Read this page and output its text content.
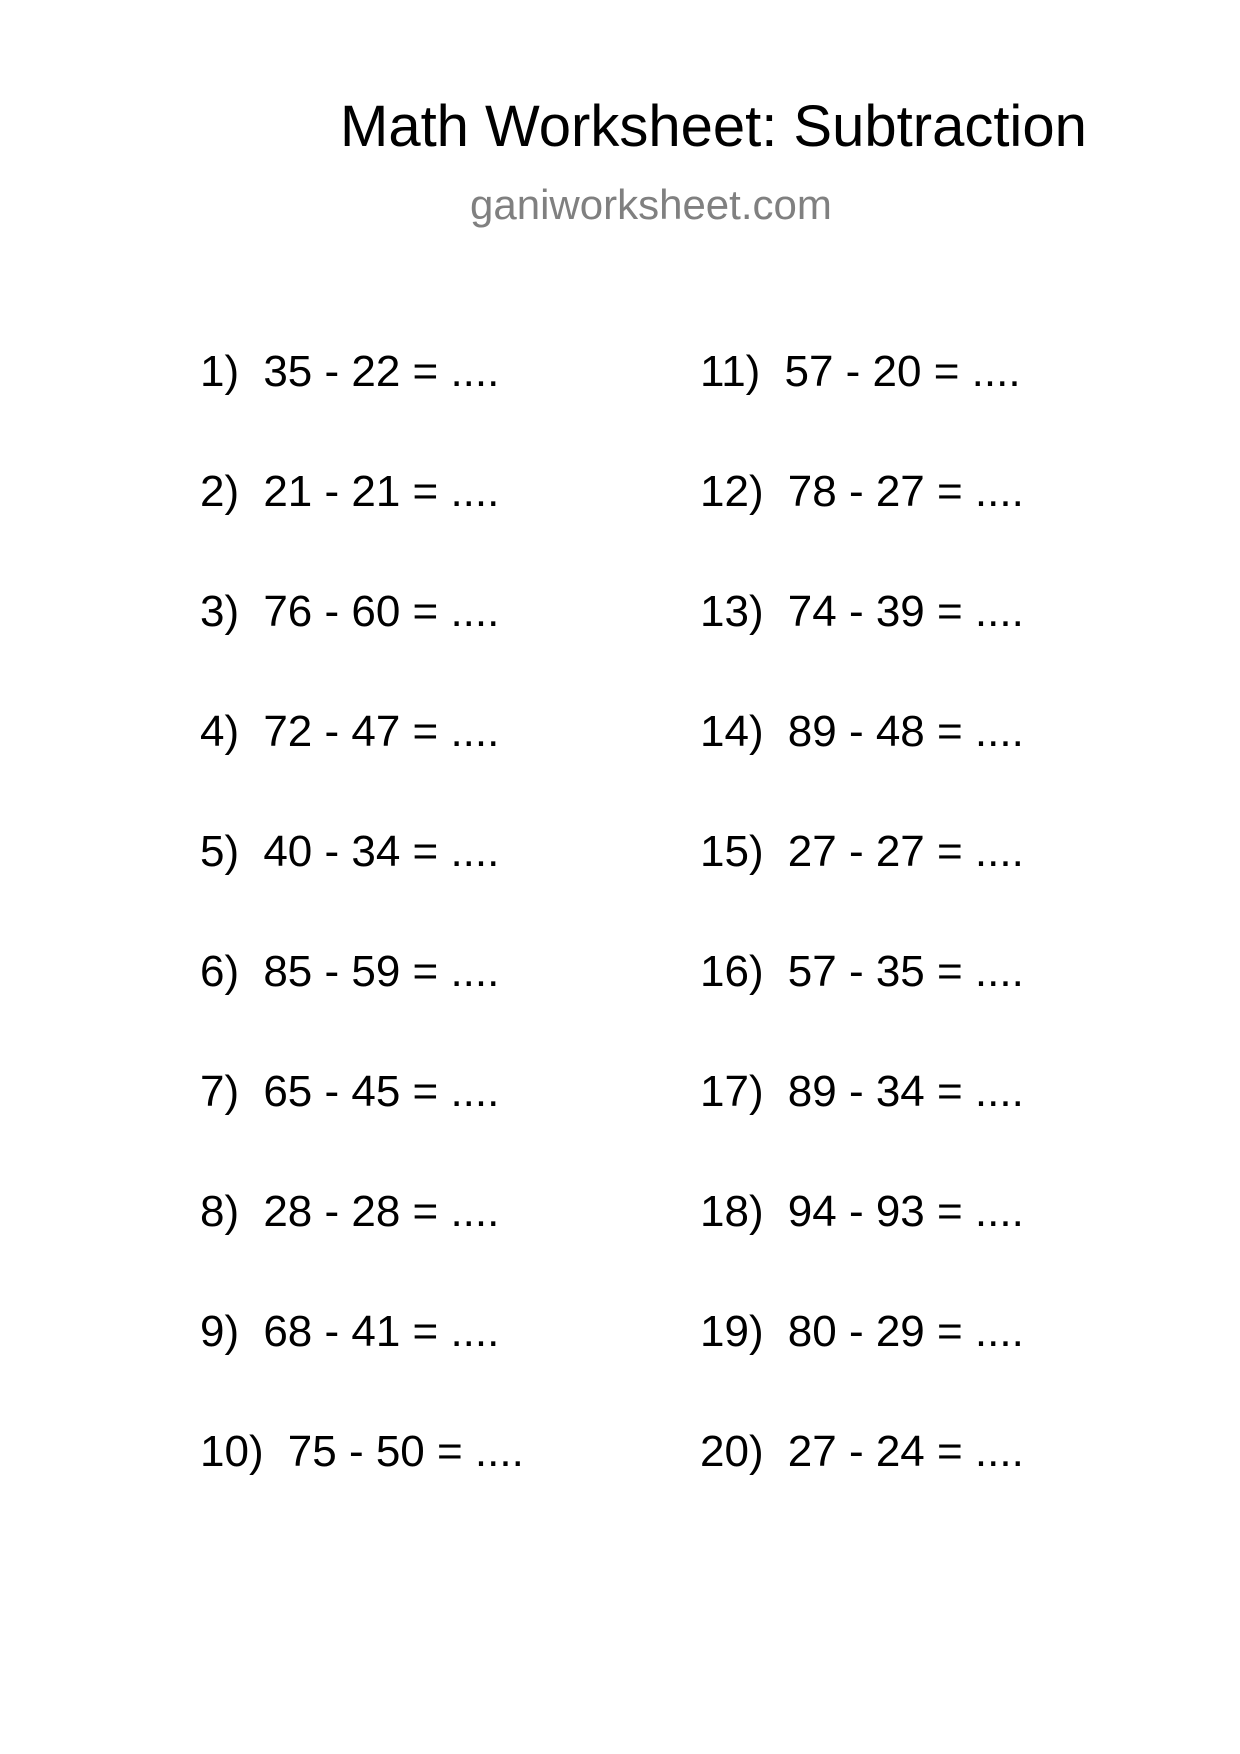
Math Worksheet: Subtraction
ganiworksheet.com
1) 35 - 22 = ....
2) 21 - 21 = ....
3) 76 - 60 = ....
4) 72 - 47 = ....
5) 40 - 34 = ....
6) 85 - 59 = ....
7) 65 - 45 = ....
8) 28 - 28 = ....
9) 68 - 41 = ....
10) 75 - 50 = ....
11) 57 - 20 = ....
12) 78 - 27 = ....
13) 74 - 39 = ....
14) 89 - 48 = ....
15) 27 - 27 = ....
16) 57 - 35 = ....
17) 89 - 34 = ....
18) 94 - 93 = ....
19) 80 - 29 = ....
20) 27 - 24 = ....
